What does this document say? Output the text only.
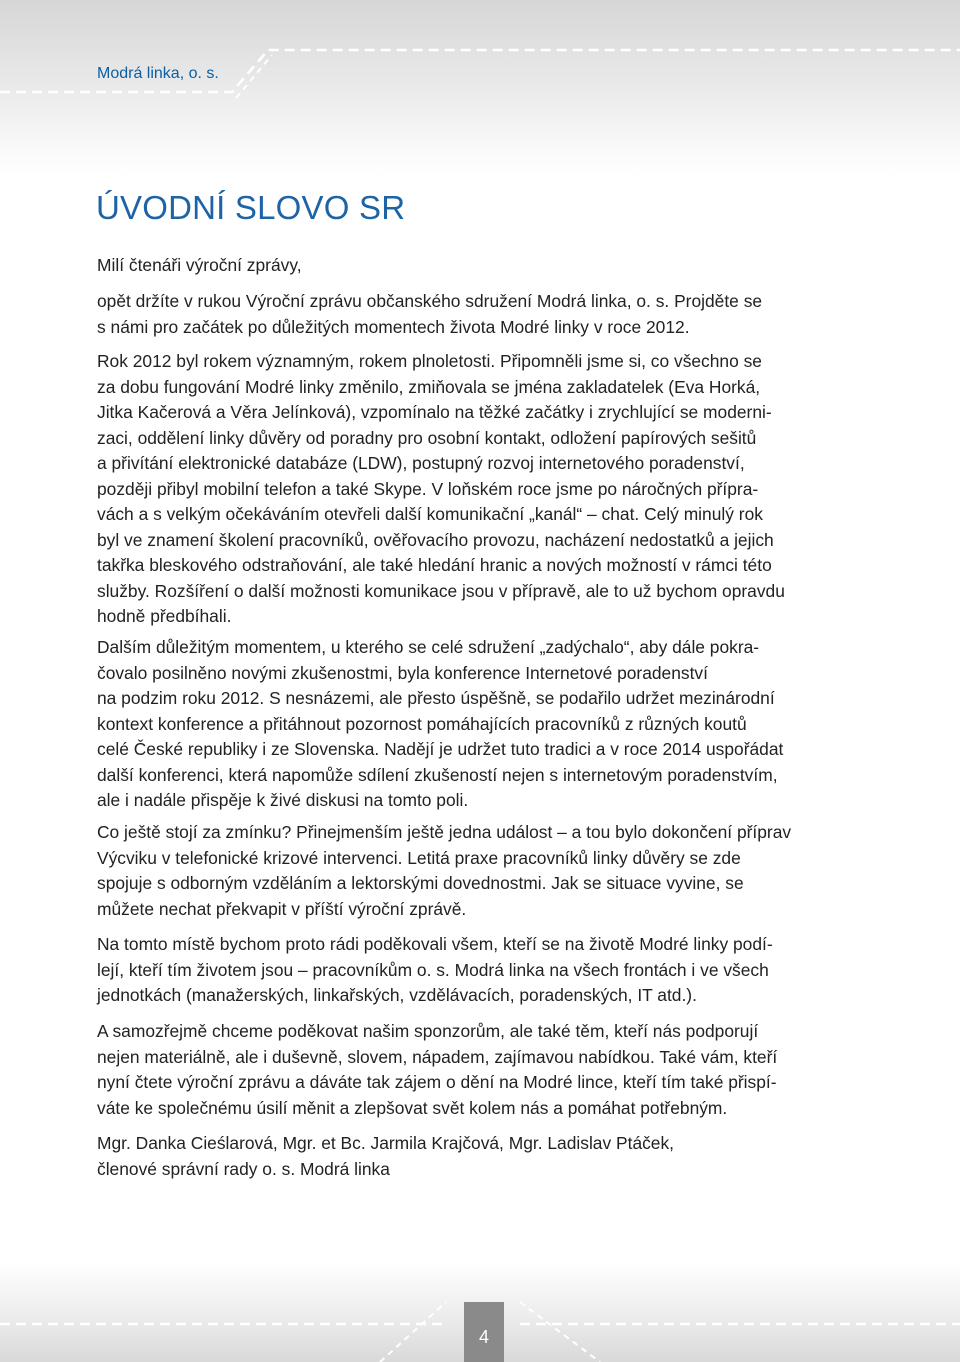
Modrá linka, o. s.

ÚVODNÍ SLOVO SR

Milí čtenáři výroční zprávy,

opět držíte v rukou Výroční zprávu občanského sdružení Modrá linka, o. s. Projděte se
s námi pro začátek po důležitých momentech života Modré linky v roce 2012.

Rok 2012 byl rokem významným, rokem plnoletosti. Připomněli jsme si, co všechno se
za dobu fungování Modré linky změnilo, zmiňovala se jména zakladatelek (Eva Horká,
Jitka Kačerová a Věra Jelínková), vzpomínalo na těžké začátky i zrychlující se moderni-
zaci, oddělení linky důvěry od poradny pro osobní kontakt, odložení papírových sešitů
a přivítání elektronické databáze (LDW), postupný rozvoj internetového poradenství,
později přibyl mobilní telefon a také Skype. V loňském roce jsme po náročných přípra-
vách a s velkým očekáváním otevřeli další komunikační „kanál“ – chat. Celý minulý rok
byl ve znamení školení pracovníků, ověřovacího provozu, nacházení nedostatků a jejich
takřka bleskového odstraňování, ale také hledání hranic a nových možností v rámci této
služby. Rozšíření o další možnosti komunikace jsou v přípravě, ale to už bychom opravdu
hodně předbíhali.

Dalším důležitým momentem, u kterého se celé sdružení „zadýchalo“, aby dále pokra-
čovalo posilněno novými zkušenostmi, byla konference Internetové poradenství
na podzim roku 2012. S nesnázemi, ale přesto úspěšně, se podařilo udržet mezinárodní
kontext konference a přitáhnout pozornost pomáhajících pracovníků z různých koutů
celé České republiky i ze Slovenska. Nadějí je udržet tuto tradici a v roce 2014 uspořádat
další konferenci, která napomůže sdílení zkušeností nejen s internetovým poradenstvím,
ale i nadále přispěje k živé diskusi na tomto poli.

Co ještě stojí za zmínku? Přinejmenším ještě jedna událost – a tou bylo dokončení příprav
Výcviku v telefonické krizové intervenci. Letitá praxe pracovníků linky důvěry se zde
spojuje s odborným vzděláním a lektorskými dovednostmi. Jak se situace vyvine, se
můžete nechat překvapit v příští výroční zprávě.

Na tomto místě bychom proto rádi poděkovali všem, kteří se na životě Modré linky podí-
lejí, kteří tím životem jsou – pracovníkům o. s. Modrá linka na všech frontách i ve všech
jednotkách (manažerských, linkařských, vzdělávacích, poradenských, IT atd.).

A samozřejmě chceme poděkovat našim sponzorům, ale také těm, kteří nás podporují
nejen materiálně, ale i duševně, slovem, nápadem, zajímavou nabídkou. Také vám, kteří
nyní čtete výroční zprávu a dáváte tak zájem o dění na Modré lince, kteří tím také přispí-
váte ke společnému úsilí měnit a zlepšovat svět kolem nás a pomáhat potřebným.

Mgr. Danka Cieślarová, Mgr. et Bc. Jarmila Krajčová, Mgr. Ladislav Ptáček,
členové správní rady o. s. Modrá linka

4
